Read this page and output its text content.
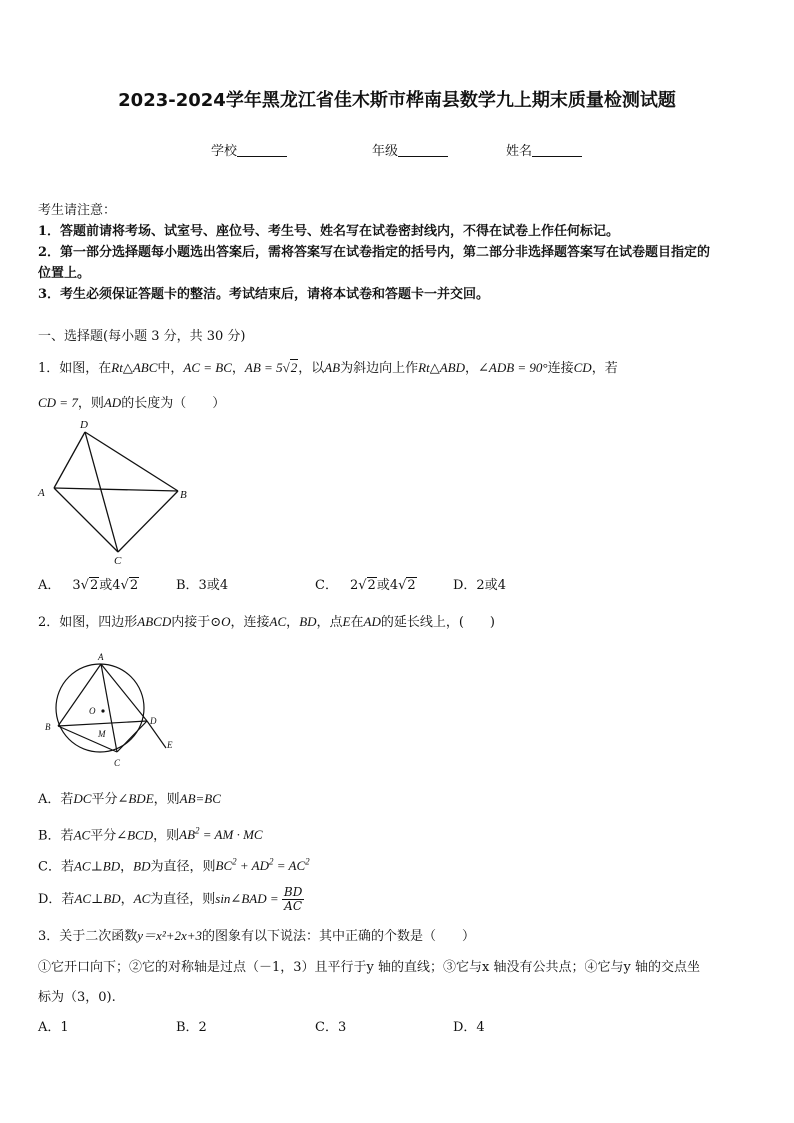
2023-2024学年黑龙江省佳木斯市桦南县数学九上期末质量检测试题
学校	年级	姓名
考生请注意：
1．答题前请将考场、试室号、座位号、考生号、姓名写在试卷密封线内，不得在试卷上作任何标记。
2．第一部分选择题每小题选出答案后，需将答案写在试卷指定的括号内，第二部分非选择题答案写在试卷题目指定的
位置上。
3．考生必须保证答题卡的整洁。考试结束后，请将本试卷和答题卡一并交回。
一、选择题(每小题 3 分，共 30 分)
1．如图，在Rt△ABC中，AC = BC，AB = 5√2，以AB为斜边向上作Rt△ABD，∠ADB = 90°连接CD，若
CD = 7，则AD的长度为（　　）
D
A	B
C
A． 3√2或4√2	B．3或4	C． 2√2或4√2	D．2或4
2．如图，四边形ABCD内接于⊙O，连接AC，BD，点E在AD的延长线上，(　　)
A
B
C
D
E
M
O
A．若DC平分∠BDE，则AB=BC
B．若AC平分∠BCD，则$AB^2$ = AM · MC
C．若AC⊥BD，BD为直径，则$BC^2 + AD^2 = AC^2$
D．若AC⊥BD，AC为直径，则sin∠BAD = $\frac{BD}{AC}$
3．关于二次函数y＝x²+2x+3的图象有以下说法：其中正确的个数是（　　）
①它开口向下；②它的对称轴是过点（－1，3）且平行于y 轴的直线；③它与x 轴没有公共点；④它与y 轴的交点坐
标为（3，0).
A．1	B．2	C．3	D．4
